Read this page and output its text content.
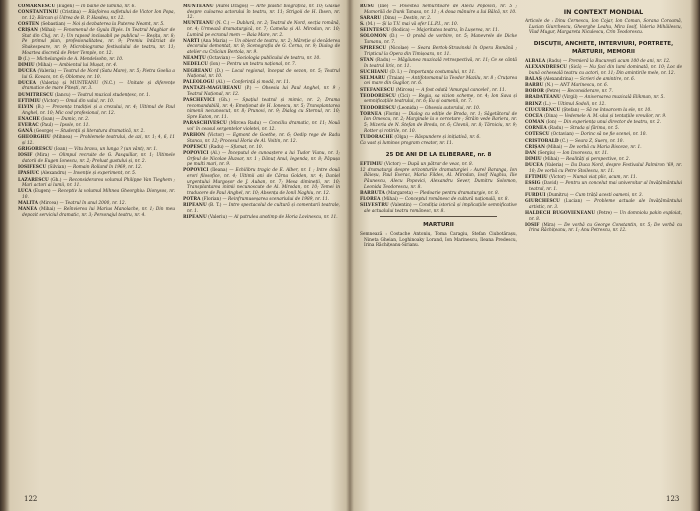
COMARNESCU (Eugen) — In baine de lumina, nr. 6.

CONSTANTINIU (Cristina) — Răsfoirea sufletului de Victor Ion Popa, nr. 12; Bărcan și Udrea de B. P. Hasdeu, nr. 12.

COSTEN (Sebastian) — Noi și dezbaterea la Puterea Neamt, nr. 5.

CRIȘAN (Mihai) — Fenomenul de Gyula Illyés. In Teatrul Maghiar de Stat din Cluj, nr. 1; Un rapsod inclasabil pe publicul — Reșița, nr. 8; Pe primul plan, profesionalitatea, nr. 9; Premiu întârziat de Shakespeare, nr. 9; Microbiograma festivalului de teatru, nr. 11; Moartea discretă de Peter Temple, nr. 12.

D (I.) — Michelangelo de A. Mendelsohn, nr. 10.

DIMIU (Mihai) — Ambientul lui Mușat, nr. 4.

DUCEA (Valeria) — Teatrul de Nord (Satu Mare), nr. 5; Pietra Goelia a lui G. Kovacs, nr. 6; Oblomov, nr. 10.

DUCEA (Valeria) și MUNTEANU (N.C.) — Unitate și diferențe dramatice de mare Pitești, nr. 3.

DUMITRESCU (Iancu) — Teatrul muzical studențesc, nr. 1.

EFTIMIU (Victor) — Omul din valul, nr. 10.

ELVIN (B.) — Prezența tradiției și a crezului, nr. 4; Ultimul de Paul Anghel, nr. 10; Mic cod profesional, nr. 12.

ENACHE (Ioan) — Dumic, nr. 2.

EVERAC (Paul) — Ipsole, nr. 11.

GANĂ (George) — Studenții și literatura dramatică, nr. 2.

GHEORGHIU (Mihnea) — Problemele teatrului, de azi, nr. 1; 4, 6, 11 și 12.

GRIGORESCU (Ioan) — Vitu bravu, un lunga ? (un vânt), nr. 1.

IOSIF (Mira) — Olimpul recruite de G. Pasquillar, nr. 1; Ultimele datorii de Eugen Ionescu, nr. 2; Preluat gustului și, nr. 2.

IOSIFESCU (Silvian) — Romain Rolland în 1969, nr. 12.

IPASIUC (Alexandru) — Invenție și experiment, nr. 5.

LAZARESCU (Gh.) — Reconsiderarea volumul Philippe Van Tieghem ; Mari actori ai lumii, nr. 11.

LUCA (Eugen) — Receptiv la volumul Mihnea Gheorghiu: Dionysos, nr. 10.

MALITA (Mircea) — Teatrul în anul 2000, nr. 12.

MANEA (Mihai) — Reînvierea lui Marius Manolache, nr. 1; Din meu depozit serviciul dramatic, nr. 3; Personajul teatru, nr. 4.

MUNTEANU (Aurel Dragoș) — Arte plastic biografică, nr. 10; Glasue despre culoarea actorului în teatru, nr. 11; Strigoii de H. Ibsen, nr. 12.

MUNTEANU (N. C.) — Dublură, nr. 2; Teatrul de Nord, secția română, nr. 4; Urmează dramaturgică, nr. 7; Camelia și Al. Mirodan, nr. 10; Lumină pe ecranul mem — Baia Mare, nr. 2.

NARTI (Ana Maria) — Un obiect de teatru, nr. 2; Măreție și decăderea decorului demontat, nr. 8; Scenografia de G. Cerna, nr. 9; Dialog de atelier cu Crăciun Bertola, nr. 9.

NEAMȚU (Octavian) — Sociologia publicului de teatru, nr. 10.

NEDELCU (Ion) — Pentru un teatru național, nr. 7.

NEGREANU (D.) — Local regional, început de sezon, nr. 5; Teatrul Național, nr. 10.

PALEOLOGU (Al.) — Conferință și modă, nr. 11.

PANTAZI-MAGUREANU (P.) — Obsesia lui Paul Anghel, nr. 9 ; Teatrul Național, nr. 12.

PASCHEVICI (Gh.) — Spațiul teatral și mimic, nr. 2; Drama recomandabilă, nr. 4; Emoționat de H. Ionescu, nr. 5; Transplantarea nimenii necunoscut, nr. 8; Prunovi, nr. 9; Dialog cu Sternul, nr. 10; Spre Eaton, nr. 11.

PARASCHIVESCU (Mircea Radu) — Conciliu dramatic, nr. 11; Nouă voi' în ceasul sergentelor violetei, nr. 12.

PARHON (Victor) — Egmont de Goethe, nr. 6; Oedip rege de Radu Stanca, nr. 12; Procesul Horia de Al. Voitin, nr. 12.

POPESCU (Radu) — Sfumat, nr. 10.

POPOVICI (Al.) — Începutul de cunoaștere a lui Tudor Vianu, nr. 1; Orfeul de Nicolae Huzsar, nr. 1 ; Dănuț Anul, legenda, nr. 8; Păpușa pe multi mari, nr. 9.

POPOVICI (Ileana) — Echilibru tragic de E. Alber, nr. 1 ; Intre două erori filosofice, nr. 4; Ultimii ani de Cârna Golden, nr. 4; Daniel urgentului Murgoșor de J. Auban, nr. 7; Mesa dimineții, nr. 10; Transplantarea inimii necunoscute de Al. Mirodan, nr. 10; Temei in traducere de Paul Anghel, nr. 10; Absența de Ionil Naghiu, nr. 12.

POTRA (Florian) — Reinfrumuseșarea scenariului de 1989, nr. 11.

RIPEANU (B. T.) — Intre spectacolul de cultură și comentarii teatrale, nr. 1.

RIPEANU (Valeriu) — Al patrulea anotimp de Horia Lovinescu, nr. 11.

122

RUSU (Ilie) — Povestea nemuritoare de Alecu Popovici, nr. 5 ; Mamorilă de Dunk Tanasa, nr. 11 ; A doua mânuire a Iui Bălcă, nr. 10.

SARARU (Dinu) — Destin, nr. 2.

S. (M.) — Și la T.V. mai vă ofer I.L.P.I., nr. 10.

SEINTESCU (Rodica) — Majoritatea teatru, în Lușerea, nr. 11.

SOLOMON (D.) — O probă de vorbire, nr. 5; Manevrele de Dicke Tamanu, nr. 7.

SPIRESCU (Nicolae) — Seara Bertok-Stravinski în Opera Română ; Tripticul la Opera din Timișoara, nr. 11.

STAN (Radu) — Măgăunea muzicală retrospectivă, nr. 11; Ce se cântă în teatrul liric, nr. 11.

SUCHIANU (D. I.) — Importanța costumului, nr. 11.

SELMARU (Traian) — Antifotomanul la Teodor Mazilu, nr. 8 ; Cruțarea cei mare din Gugilor, nr. 6.

STEFANESCU (Mircea) — A fost odată 'Amurgul cancelei', nr. 11.

TEODORESCU (Cici) — Regia, sa vizion scheme, nr. 4; Ion Sava și semnificațiile teatrului, nr. 6; Eu și oamenii, nr. 7.

TEODORESCU (Leonida) — Obsesia autorului, nr. 10.

TORNEA (Florin) — Dialog cu ediție de Broda, nr. 1; Săgetătorul de Ion Omescu, nr. 2; Marginale la o cercetare ; Străin vede Bariera, nr. 5; Mizeria de N. Stefan de Breda, nr. 6; Clovnii, nr. 8; Tărniciu, nr. 9; Rotter și rotirile, nr. 10.

TUDORACHE (Olga) — Răspundere și inițiativă, nr. 6.

Ca vast și luminos program creator, nr. 11.

25 DE ANI DE LA ELIBERARE, nr. 8

EFTIMIU (Victor) — După un pătrar de veac, nr. 8.

12 dramaturgi despre orizonturile dramaturgiei : Aurel Baranga, Ion Băieșu, Paul Everac, Maria Fildes, Al. Mirodan, Iosif Naghiu, Ilie Păunescu, Alecu Popovici, Alexandru Sever, Dumitru Solomon, Leonida Teodorescu, nr. 8.

BARBUTA (Margareta) — Pledoarie pentru dramaturgie, nr. 8.

FLOREA (Mihai) — Conceptul românesc de cultură națională, nr. 8.

SILVESTRU (Valentin) — Condiția istorică și implicațiile semnificative ale actualului teatru românesc, nr. 8.

MARTURII

Semnează : Costache Antoniu, Toma Caragiu, Stefan Ciubotărașu, Nineta Gheian, Loghinoaky Lorand, Ion Marinescu, Ileana Predescu, Irina Răchițeanu-Sirianu.

IN CONTEXT MONDIAL

Articole de : Dinu Cernescu, Ion Cojar, Ion Coman, Sorana Coroamă, Lucian Giurchescu, Gheorghe Leahu, Mira Iosif, Valeria Mihăilescu, Vlad Mugur, Margareta Niculescu, Crin Teodorescu.

DISCUȚII, ANCHETE, INTERVIURI, PORTRETE, MĂRTURII, MEMORII

ALBALA (Radu) — Premieră la București acum 100 de ani, nr. 12.

ALEXANDRESCU (Sică) — Nu faci din lumi dominată, nr. 10; Loc de bună ocheseală teatru cu actori, nr. 11; Din amintirile mele, nr. 12.

BALAȘ (Alexandrina) — Scrieri de amintire, nr. 6.

BARBU (N.) — ANT Marinescu, nr. 6.

BOBOR (Petre) — Reconsiderare, nr. 7.

BRADATEANU (Virgil) — Aniversarea muzicală Elikman, nr. 5.

BRINZ (L.) — Ultimul Sodoli, nr. 12.

CIUCURENCU (Ștefan) — Să ne întoarcem la ele, nr. 10.

COCEA (Dina) — Vedemele A. M.-ului și tentațiile vreuilor, nr. 9.

COMAN (Ion) — Din experiența unui director de teatru, nr. 2.

CORNEA (Radu) — Strada și fărima, nr. 5.

COTESCU (Octavian) — Dorinc să ne fie scenei, nr. 10.

CRISTOBALD (C.) — Seara Z, Suerș, nr. 10.

CRIȘAN (Mihai) — De vorbă cu Maria Bisceze, nr. 1.

DAN (Sergiu) — Ion Izvorescu, nr. 11.

DIMIU (Mihai) — Realități și perspective, nr. 2.

DUCEA (Valeria) — Da Duca Nord, despre Festivalul Palmiron '69, nr. 10; De vorbă cu Petre Stoilescu, nr. 11.

EFTIMIU (Victor) — Numai viaț plic, acum, nr. 11.

ESSIG (David) — Pentru un concelut mai universitar al învățământului teatral, nr. 1.

FURDUI (Dumitru) — Cum trăță acesti oameni, nr. 3.

GIURCHESCU (Lucian) — Probleme actuale ale învățământului artistic, nr. 3.

HALDECH BUGOVIENEANU (Petre) — Un domniolu pakin exploiat, nr. 8.

IOSIF (Mira) — De vorbă cu George Constantin, nr. 5; De vorbă cu Irina Răchițeanu, nr. 1; Anu Petrescu, nr. 12.

123
